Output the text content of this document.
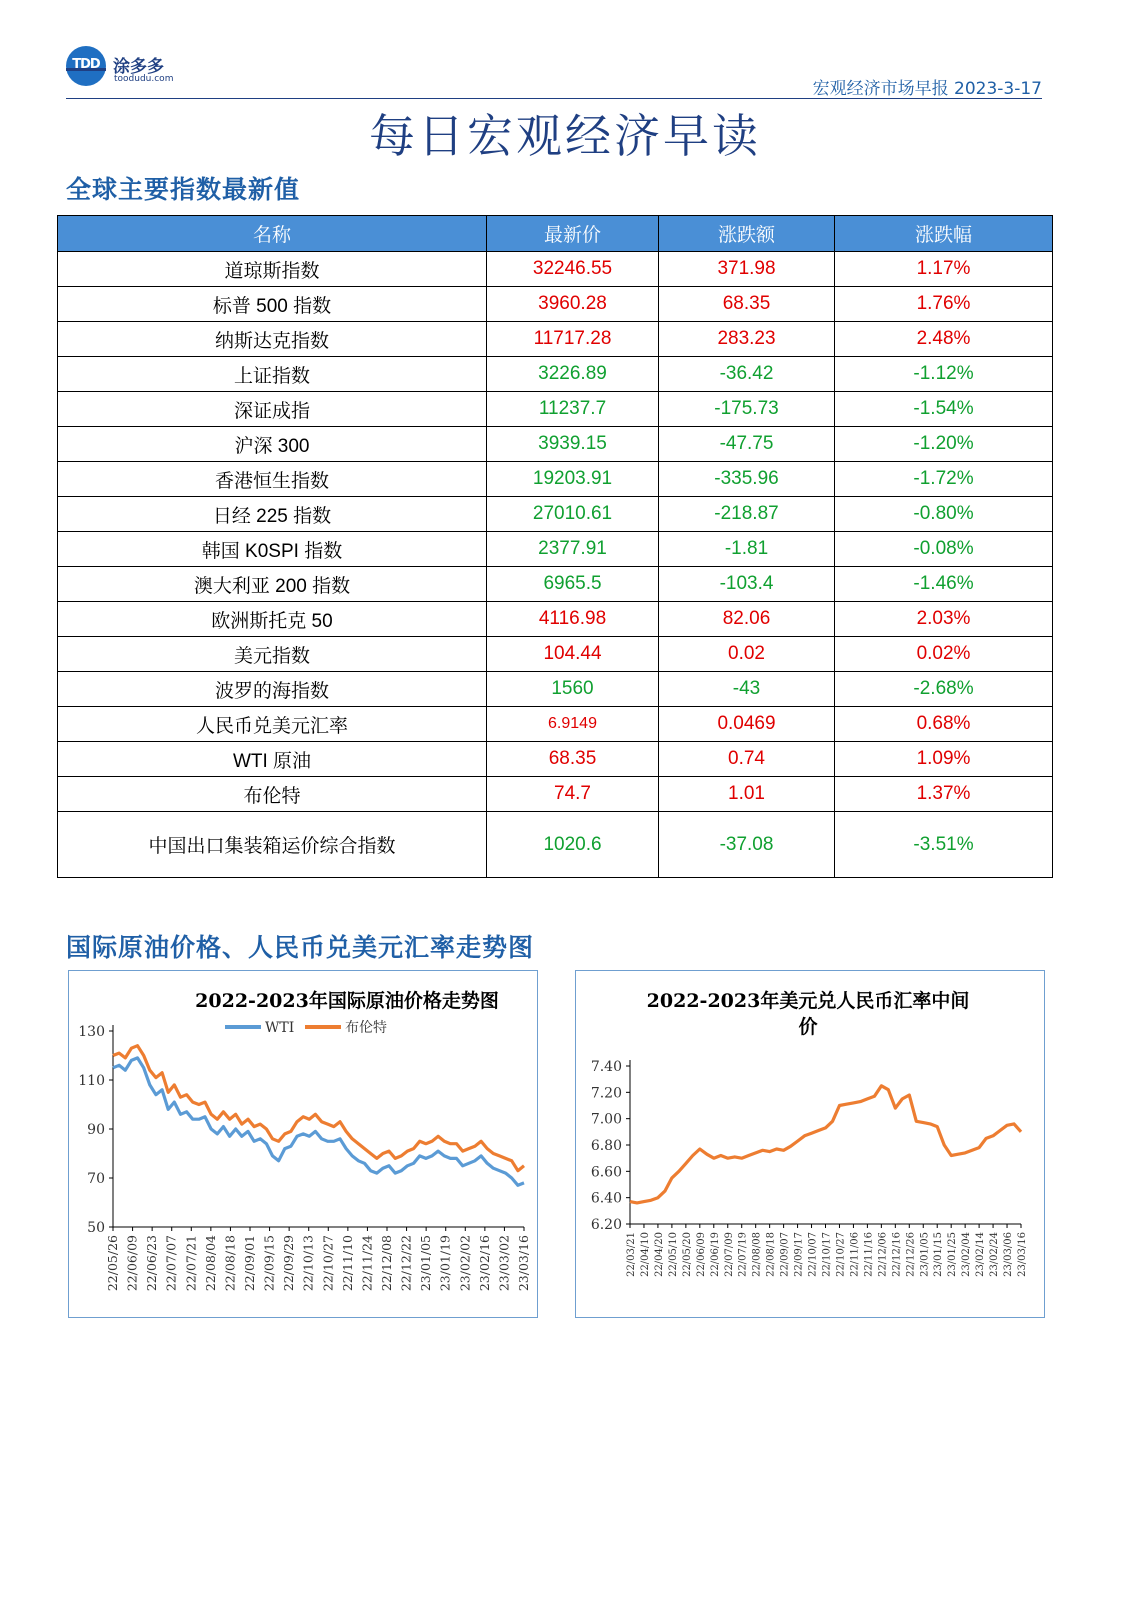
TDD 涂多多
toodudu.com	宏观经济市场早报 2023-3-17
每日宏观经济早读
全球主要指数最新值
名称	最新价	涨跌额	涨跌幅
道琼斯指数	32246.55	371.98	1.17%
标普 500 指数	3960.28	68.35	1.76%
纳斯达克指数	11717.28	283.23	2.48%
上证指数	3226.89	-36.42	-1.12%
深证成指	11237.7	-175.73	-1.54%
沪深 300	3939.15	-47.75	-1.20%
香港恒生指数	19203.91	-335.96	-1.72%
日经 225 指数	27010.61	-218.87	-0.80%
韩国 K0SPI 指数	2377.91	-1.81	-0.08%
澳大利亚 200 指数	6965.5	-103.4	-1.46%
欧洲斯托克 50	4116.98	82.06	2.03%
美元指数	104.44	0.02	0.02%
波罗的海指数	1560	-43	-2.68%
人民币兑美元汇率	6.9149	0.0469	0.68%
WTI 原油	68.35	0.74	1.09%
布伦特	74.7	1.01	1.37%
中国出口集装箱运价综合指数	1020.6	-37.08	-3.51%
国际原油价格、人民币兑美元汇率走势图
2022-2023年国际原油价格走势图
50
70
90
110
130
22/05/26 22/06/09 22/06/23 22/07/07 22/07/21 22/08/04 22/08/18 22/09/01 22/09/15 22/09/29 22/10/13 22/10/27 22/11/10 22/11/24 22/12/08 22/12/22 23/01/05 23/01/19 23/02/02 23/02/16 23/03/02 23/03/16
WTI	布伦特
2022-2023年美元兑人民币汇率中间
价
6.20
6.40
6.60
6.80
7.00
7.20
7.40
22/03/21 22/04/10 22/04/20 22/05/10 22/05/20 22/06/09 22/06/19 22/07/09 22/07/19 22/08/08 22/08/18 22/09/07 22/09/17 22/10/07 22/10/17 22/10/27 22/11/06 22/11/16 22/12/06 22/12/16 22/12/26 23/01/05 23/01/15 23/01/25 23/02/04 23/02/14 23/02/24 23/03/06 23/03/16
